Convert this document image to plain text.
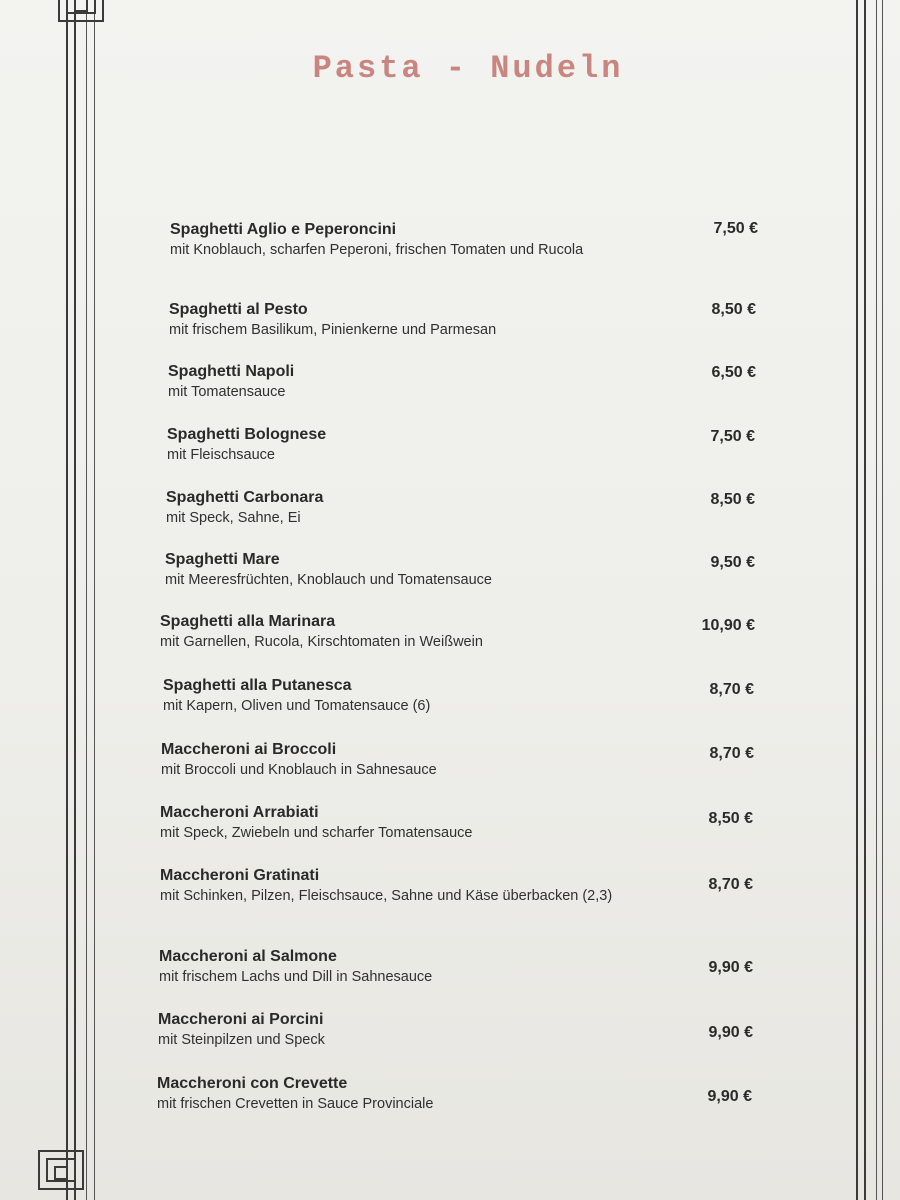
Pasta - Nudeln
Spaghetti Aglio e Peperoncini
mit Knoblauch, scharfen Peperoni, frischen Tomaten und Rucola
7,50 €
Spaghetti al Pesto
mit frischem Basilikum, Pinienkerne und Parmesan
8,50 €
Spaghetti Napoli
mit Tomatensauce
6,50 €
Spaghetti Bolognese
mit Fleischsauce
7,50 €
Spaghetti Carbonara
mit Speck, Sahne, Ei
8,50 €
Spaghetti Mare
mit Meeresfrüchten, Knoblauch und Tomatensauce
9,50 €
Spaghetti alla Marinara
mit Garnellen, Rucola, Kirschtomaten in Weißwein
10,90 €
Spaghetti alla Putanesca
mit Kapern, Oliven und Tomatensauce (6)
8,70 €
Maccheroni ai Broccoli
mit Broccoli und Knoblauch in Sahnesauce
8,70 €
Maccheroni Arrabiati
mit Speck, Zwiebeln und scharfer Tomatensauce
8,50 €
Maccheroni Gratinati
mit Schinken, Pilzen, Fleischsauce, Sahne und Käse überbacken (2,3)
8,70 €
Maccheroni al Salmone
mit frischem Lachs und Dill in Sahnesauce
9,90 €
Maccheroni ai Porcini
mit Steinpilzen und Speck	9,90 €
Maccheroni con Crevette
mit frischen Crevetten in Sauce Provinciale	9,90 €
